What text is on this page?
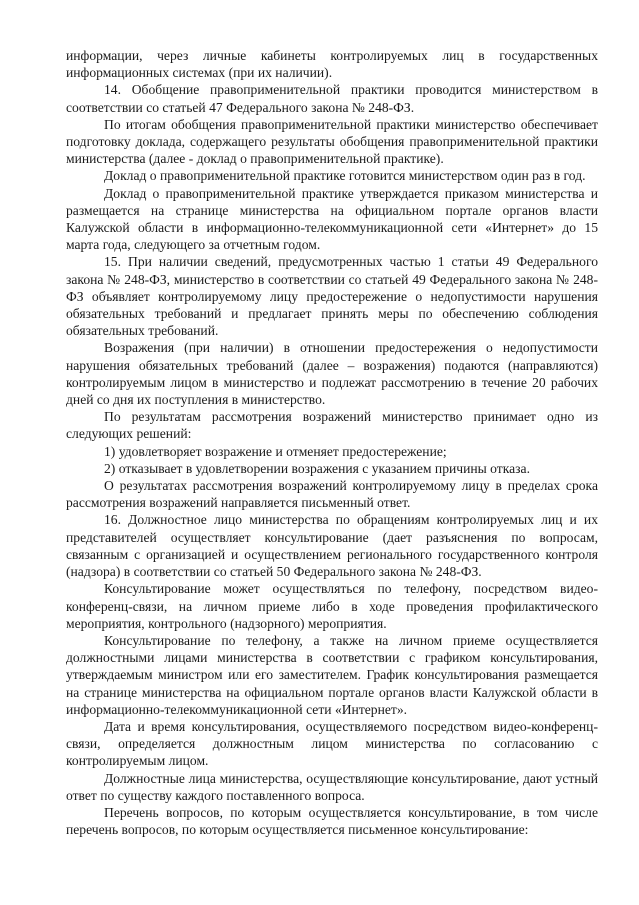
информации, через личные кабинеты контролируемых лиц в государственных информационных системах (при их наличии).

14. Обобщение правоприменительной практики проводится министерством в соответствии со статьей 47 Федерального закона № 248-ФЗ.

По итогам обобщения правоприменительной практики министерство обеспечивает подготовку доклада, содержащего результаты обобщения правоприменительной практики министерства (далее - доклад о правоприменительной практике).

Доклад о правоприменительной практике готовится министерством один раз в год.

Доклад о правоприменительной практике утверждается приказом министерства и размещается на странице министерства на официальном портале органов власти Калужской области в информационно-телекоммуникационной сети «Интернет» до 15 марта года, следующего за отчетным годом.

15. При наличии сведений, предусмотренных частью 1 статьи 49 Федерального закона № 248-ФЗ, министерство в соответствии со статьей 49 Федерального закона № 248-ФЗ объявляет контролируемому лицу предостережение о недопустимости нарушения обязательных требований и предлагает принять меры по обеспечению соблюдения обязательных требований.

Возражения (при наличии) в отношении предостережения о недопустимости нарушения обязательных требований (далее – возражения) подаются (направляются) контролируемым лицом в министерство и подлежат рассмотрению в течение 20 рабочих дней со дня их поступления в министерство.

По результатам рассмотрения возражений министерство принимает одно из следующих решений:

1) удовлетворяет возражение и отменяет предостережение;

2) отказывает в удовлетворении возражения с указанием причины отказа.

О результатах рассмотрения возражений контролируемому лицу в пределах срока рассмотрения возражений направляется письменный ответ.

16. Должностное лицо министерства по обращениям контролируемых лиц и их представителей осуществляет консультирование (дает разъяснения по вопросам, связанным с организацией и осуществлением регионального государственного контроля (надзора) в соответствии со статьей 50 Федерального закона № 248-ФЗ.

Консультирование может осуществляться по телефону, посредством видео-конференц-связи, на личном приеме либо в ходе проведения профилактического мероприятия, контрольного (надзорного) мероприятия.

Консультирование по телефону, а также на личном приеме осуществляется должностными лицами министерства в соответствии с графиком консультирования, утверждаемым министром или его заместителем. График консультирования размещается на странице министерства на официальном портале органов власти Калужской области в информационно-телекоммуникационной сети «Интернет».

Дата и время консультирования, осуществляемого посредством видео-конференц-связи, определяется должностным лицом министерства по согласованию с контролируемым лицом.

Должностные лица министерства, осуществляющие консультирование, дают устный ответ по существу каждого поставленного вопроса.

Перечень вопросов, по которым осуществляется консультирование, в том числе перечень вопросов, по которым осуществляется письменное консультирование:
